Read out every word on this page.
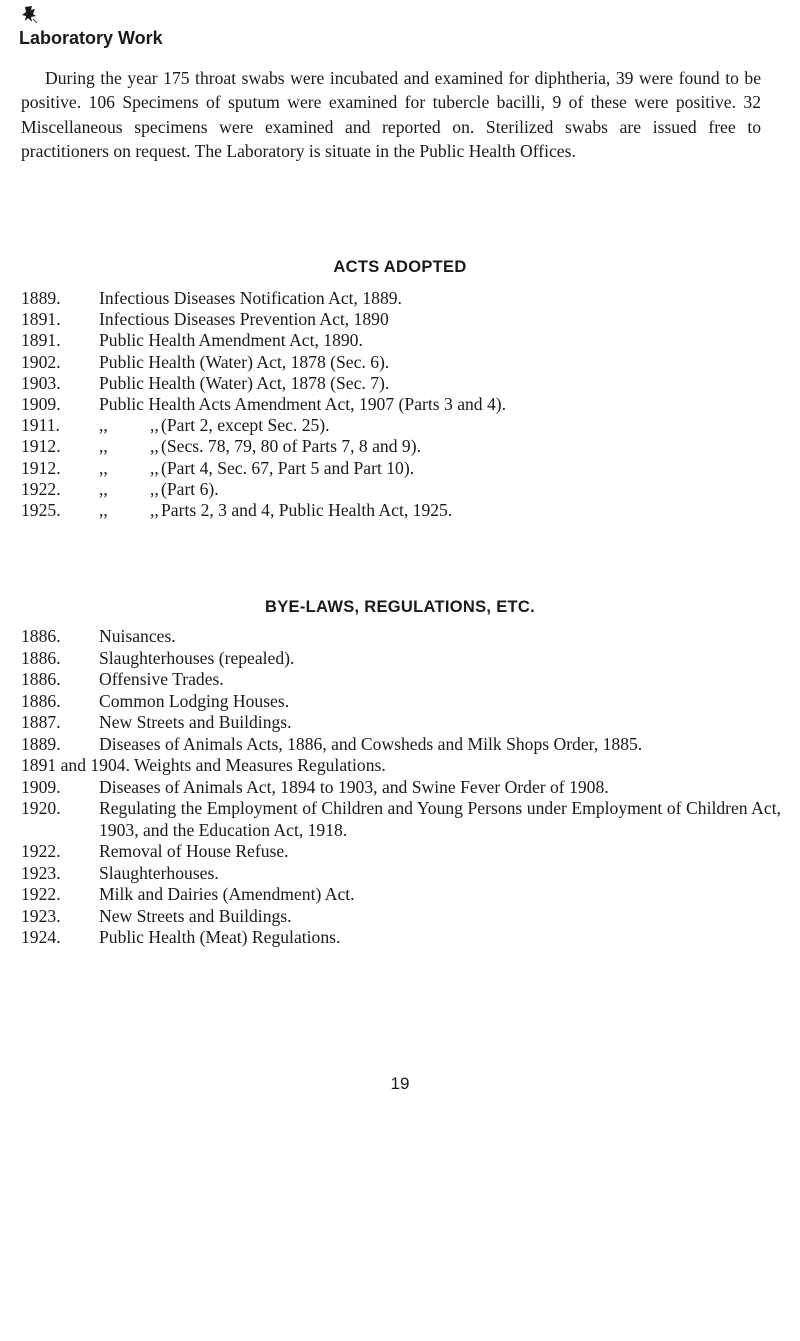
Laboratory Work

During the year 175 throat swabs were incubated and examined for diphtheria, 39 were found to be positive. 106 Specimens of sputum were examined for tubercle bacilli, 9 of these were positive. 32 Miscellaneous specimens were examined and reported on. Sterilized swabs are issued free to practitioners on request. The Laboratory is situate in the Public Health Offices.

ACTS ADOPTED
1889. Infectious Diseases Notification Act, 1889.
1891. Infectious Diseases Prevention Act, 1890
1891. Public Health Amendment Act, 1890.
1902. Public Health (Water) Act, 1878 (Sec. 6).
1903. Public Health (Water) Act, 1878 (Sec. 7).
1909. Public Health Acts Amendment Act, 1907 (Parts 3 and 4).
1911. ,, ,, (Part 2, except Sec. 25).
1912. ,, ,, (Secs. 78, 79, 80 of Parts 7, 8 and 9).
1912. ,, ,, (Part 4, Sec. 67, Part 5 and Part 10).
1922. ,, ,, (Part 6).
1925. ,, ,, Parts 2, 3 and 4, Public Health Act, 1925.
BYE-LAWS, REGULATIONS, ETC.
1886. Nuisances.
1886. Slaughterhouses (repealed).
1886. Offensive Trades.
1886. Common Lodging Houses.
1887. New Streets and Buildings.
1889. Diseases of Animals Acts, 1886, and Cowsheds and Milk Shops Order, 1885.
1891 and 1904. Weights and Measures Regulations.
1909. Diseases of Animals Act, 1894 to 1903, and Swine Fever Order of 1908.
1920. Regulating the Employment of Children and Young Persons under Employment of Children Act, 1903, and the Education Act, 1918.
1922. Removal of House Refuse.
1923. Slaughterhouses.
1922. Milk and Dairies (Amendment) Act.
1923. New Streets and Buildings.
1924. Public Health (Meat) Regulations.

19
